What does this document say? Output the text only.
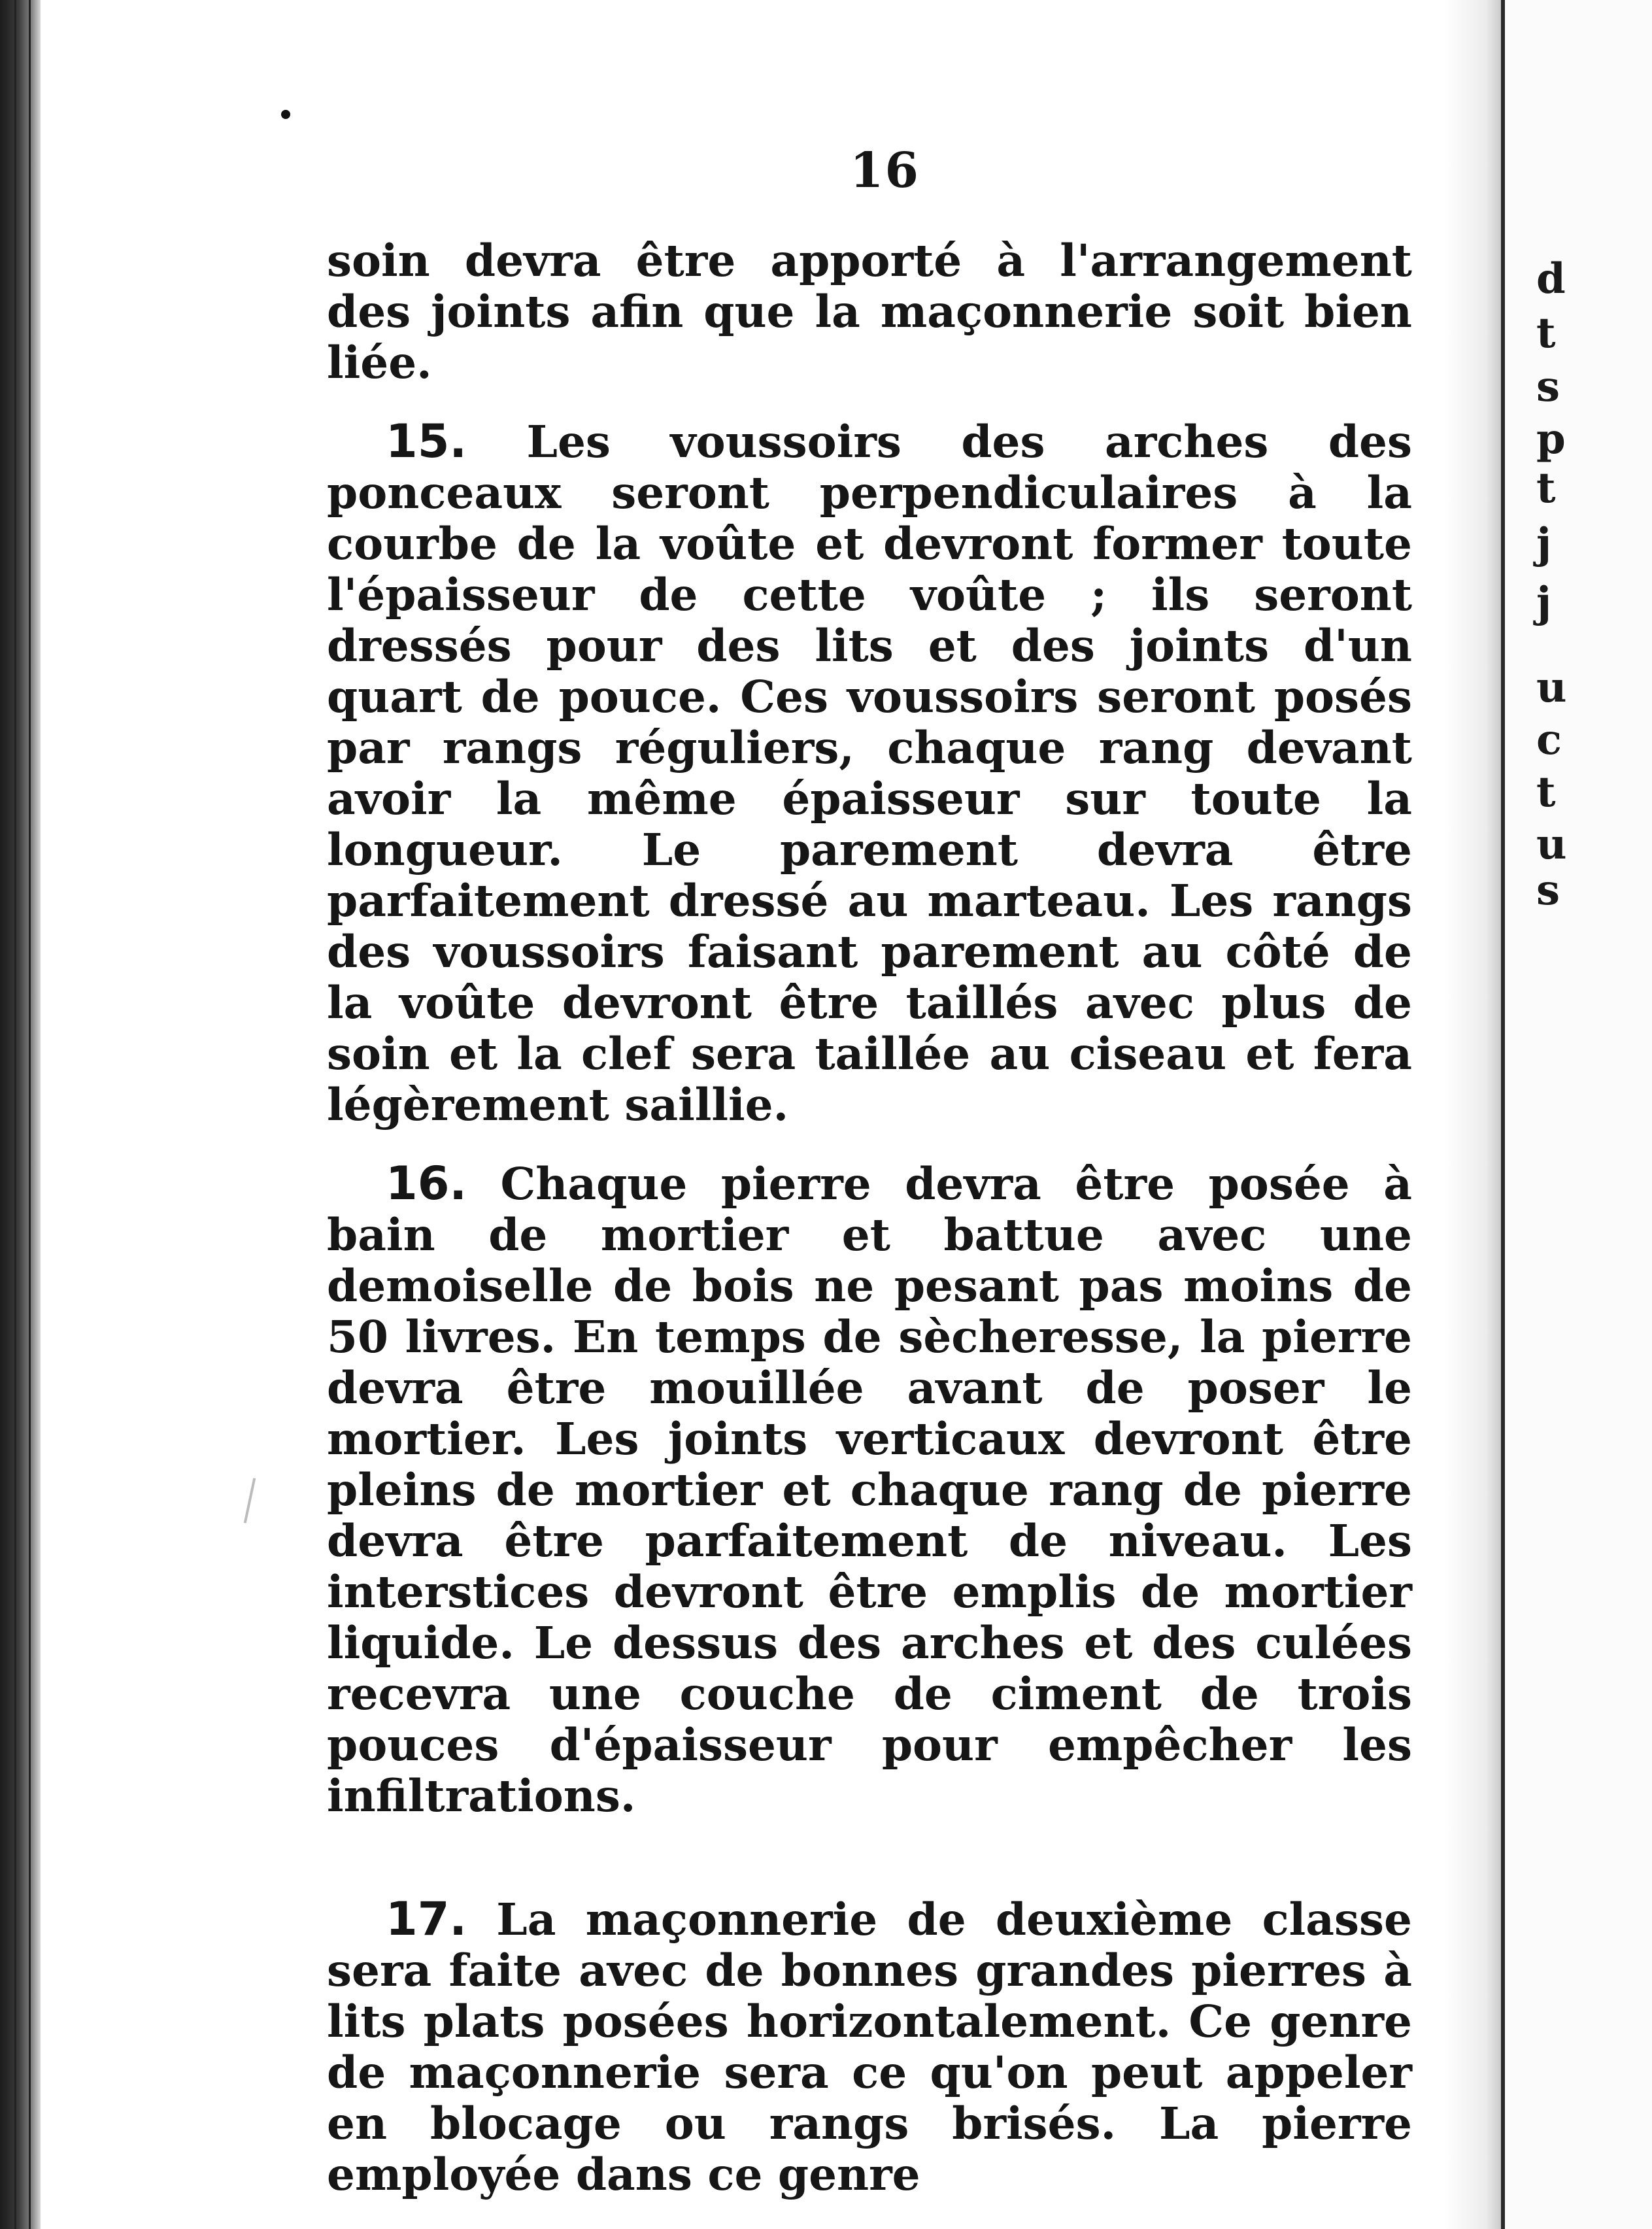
d
t
s
p
t
j
j
u
c
t
u
s
16

soin devra être apporté à l'arrangement des joints afin que la maçonnerie soit bien liée.

15. Les voussoirs des arches des ponceaux seront perpendiculaires à la courbe de la voûte et devront former toute l'épaisseur de cette voûte ; ils seront dressés pour des lits et des joints d'un quart de pouce. Ces voussoirs seront posés par rangs réguliers, chaque rang devant avoir la même épaisseur sur toute la longueur. Le parement devra être parfaitement dressé au marteau. Les rangs des voussoirs faisant parement au côté de la voûte devront être taillés avec plus de soin et la clef sera taillée au ciseau et fera légèrement saillie.

16. Chaque pierre devra être posée à bain de mortier et battue avec une demoiselle de bois ne pesant pas moins de 50 livres. En temps de sècheresse, la pierre devra être mouillée avant de poser le mortier. Les joints verticaux devront être pleins de mortier et chaque rang de pierre devra être parfaitement de niveau. Les interstices devront être emplis de mortier liquide. Le dessus des arches et des culées recevra une couche de ciment de trois pouces d'épaisseur pour empêcher les infiltrations.

17. La maçonnerie de deuxième classe sera faite avec de bonnes grandes pierres à lits plats posées horizontalement. Ce genre de maçonnerie sera ce qu'on peut appeler en blocage ou rangs brisés. La pierre employée dans ce genre
